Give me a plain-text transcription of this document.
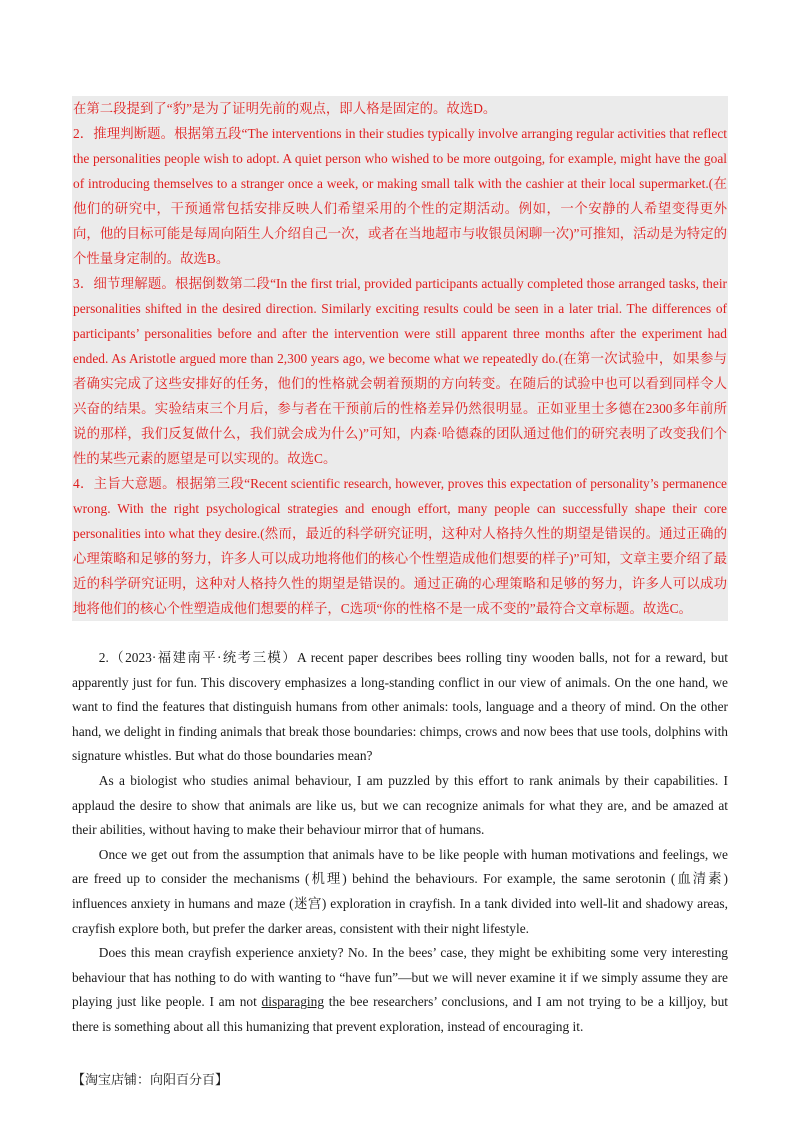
在第二段提到了“豹”是为了证明先前的观点，即人格是固定的。故选D。

2．推理判断题。根据第五段“The interventions in their studies typically involve arranging regular activities that reflect the personalities people wish to adopt. A quiet person who wished to be more outgoing, for example, might have the goal of introducing themselves to a stranger once a week, or making small talk with the cashier at their local supermarket.(在他们的研究中，干预通常包括安排反映人们希望采用的个性的定期活动。例如，一个安静的人希望变得更外向，他的目标可能是每周向陌生人介绍自己一次，或者在当地超市与收银员闲聊一次)”可推知，活动是为特定的个性量身定制的。故选B。

3．细节理解题。根据倒数第二段“In the first trial, provided participants actually completed those arranged tasks, their personalities shifted in the desired direction. Similarly exciting results could be seen in a later trial. The differences of participants’ personalities before and after the intervention were still apparent three months after the experiment had ended. As Aristotle argued more than 2,300 years ago, we become what we repeatedly do.(在第一次试验中，如果参与者确实完成了这些安排好的任务，他们的性格就会朝着预期的方向转变。在随后的试验中也可以看到同样令人兴奋的结果。实验结束三个月后，参与者在干预前后的性格差异仍然很明显。正如亚里士多德在2300多年前所说的那样，我们反复做什么，我们就会成为什么)”可知，内森·哈德森的团队通过他们的研究表明了改变我们个性的某些元素的愿望是可以实现的。故选C。

4．主旨大意题。根据第三段“Recent scientific research, however, proves this expectation of personality’s permanence wrong. With the right psychological strategies and enough effort, many people can successfully shape their core personalities into what they desire.(然而，最近的科学研究证明，这种对人格持久性的期望是错误的。通过正确的心理策略和足够的努力，许多人可以成功地将他们的核心个性塑造成他们想要的样子)”可知，文章主要介绍了最近的科学研究证明，这种对人格持久性的期望是错误的。通过正确的心理策略和足够的努力，许多人可以成功地将他们的核心个性塑造成他们想要的样子，C选项“你的性格不是一成不变的”最符合文章标题。故选C。

2.（2023·福建南平·统考三模）A recent paper describes bees rolling tiny wooden balls, not for a reward, but apparently just for fun. This discovery emphasizes a long-standing conflict in our view of animals. On the one hand, we want to find the features that distinguish humans from other animals: tools, language and a theory of mind. On the other hand, we delight in finding animals that break those boundaries: chimps, crows and now bees that use tools, dolphins with signature whistles. But what do those boundaries mean?

As a biologist who studies animal behaviour, I am puzzled by this effort to rank animals by their capabilities. I applaud the desire to show that animals are like us, but we can recognize animals for what they are, and be amazed at their abilities, without having to make their behaviour mirror that of humans.

Once we get out from the assumption that animals have to be like people with human motivations and feelings, we are freed up to consider the mechanisms (机理) behind the behaviours. For example, the same serotonin (血清素) influences anxiety in humans and maze (迷宫) exploration in crayfish. In a tank divided into well-lit and shadowy areas, crayfish explore both, but prefer the darker areas, consistent with their night lifestyle.

Does this mean crayfish experience anxiety? No. In the bees’ case, they might be exhibiting some very interesting behaviour that has nothing to do with wanting to “have fun”—but we will never examine it if we simply assume they are playing just like people. I am not disparaging the bee researchers’ conclusions, and I am not trying to be a killjoy, but there is something about all this humanizing that prevent exploration, instead of encouraging it.

【淘宝店铺：向阳百分百】
